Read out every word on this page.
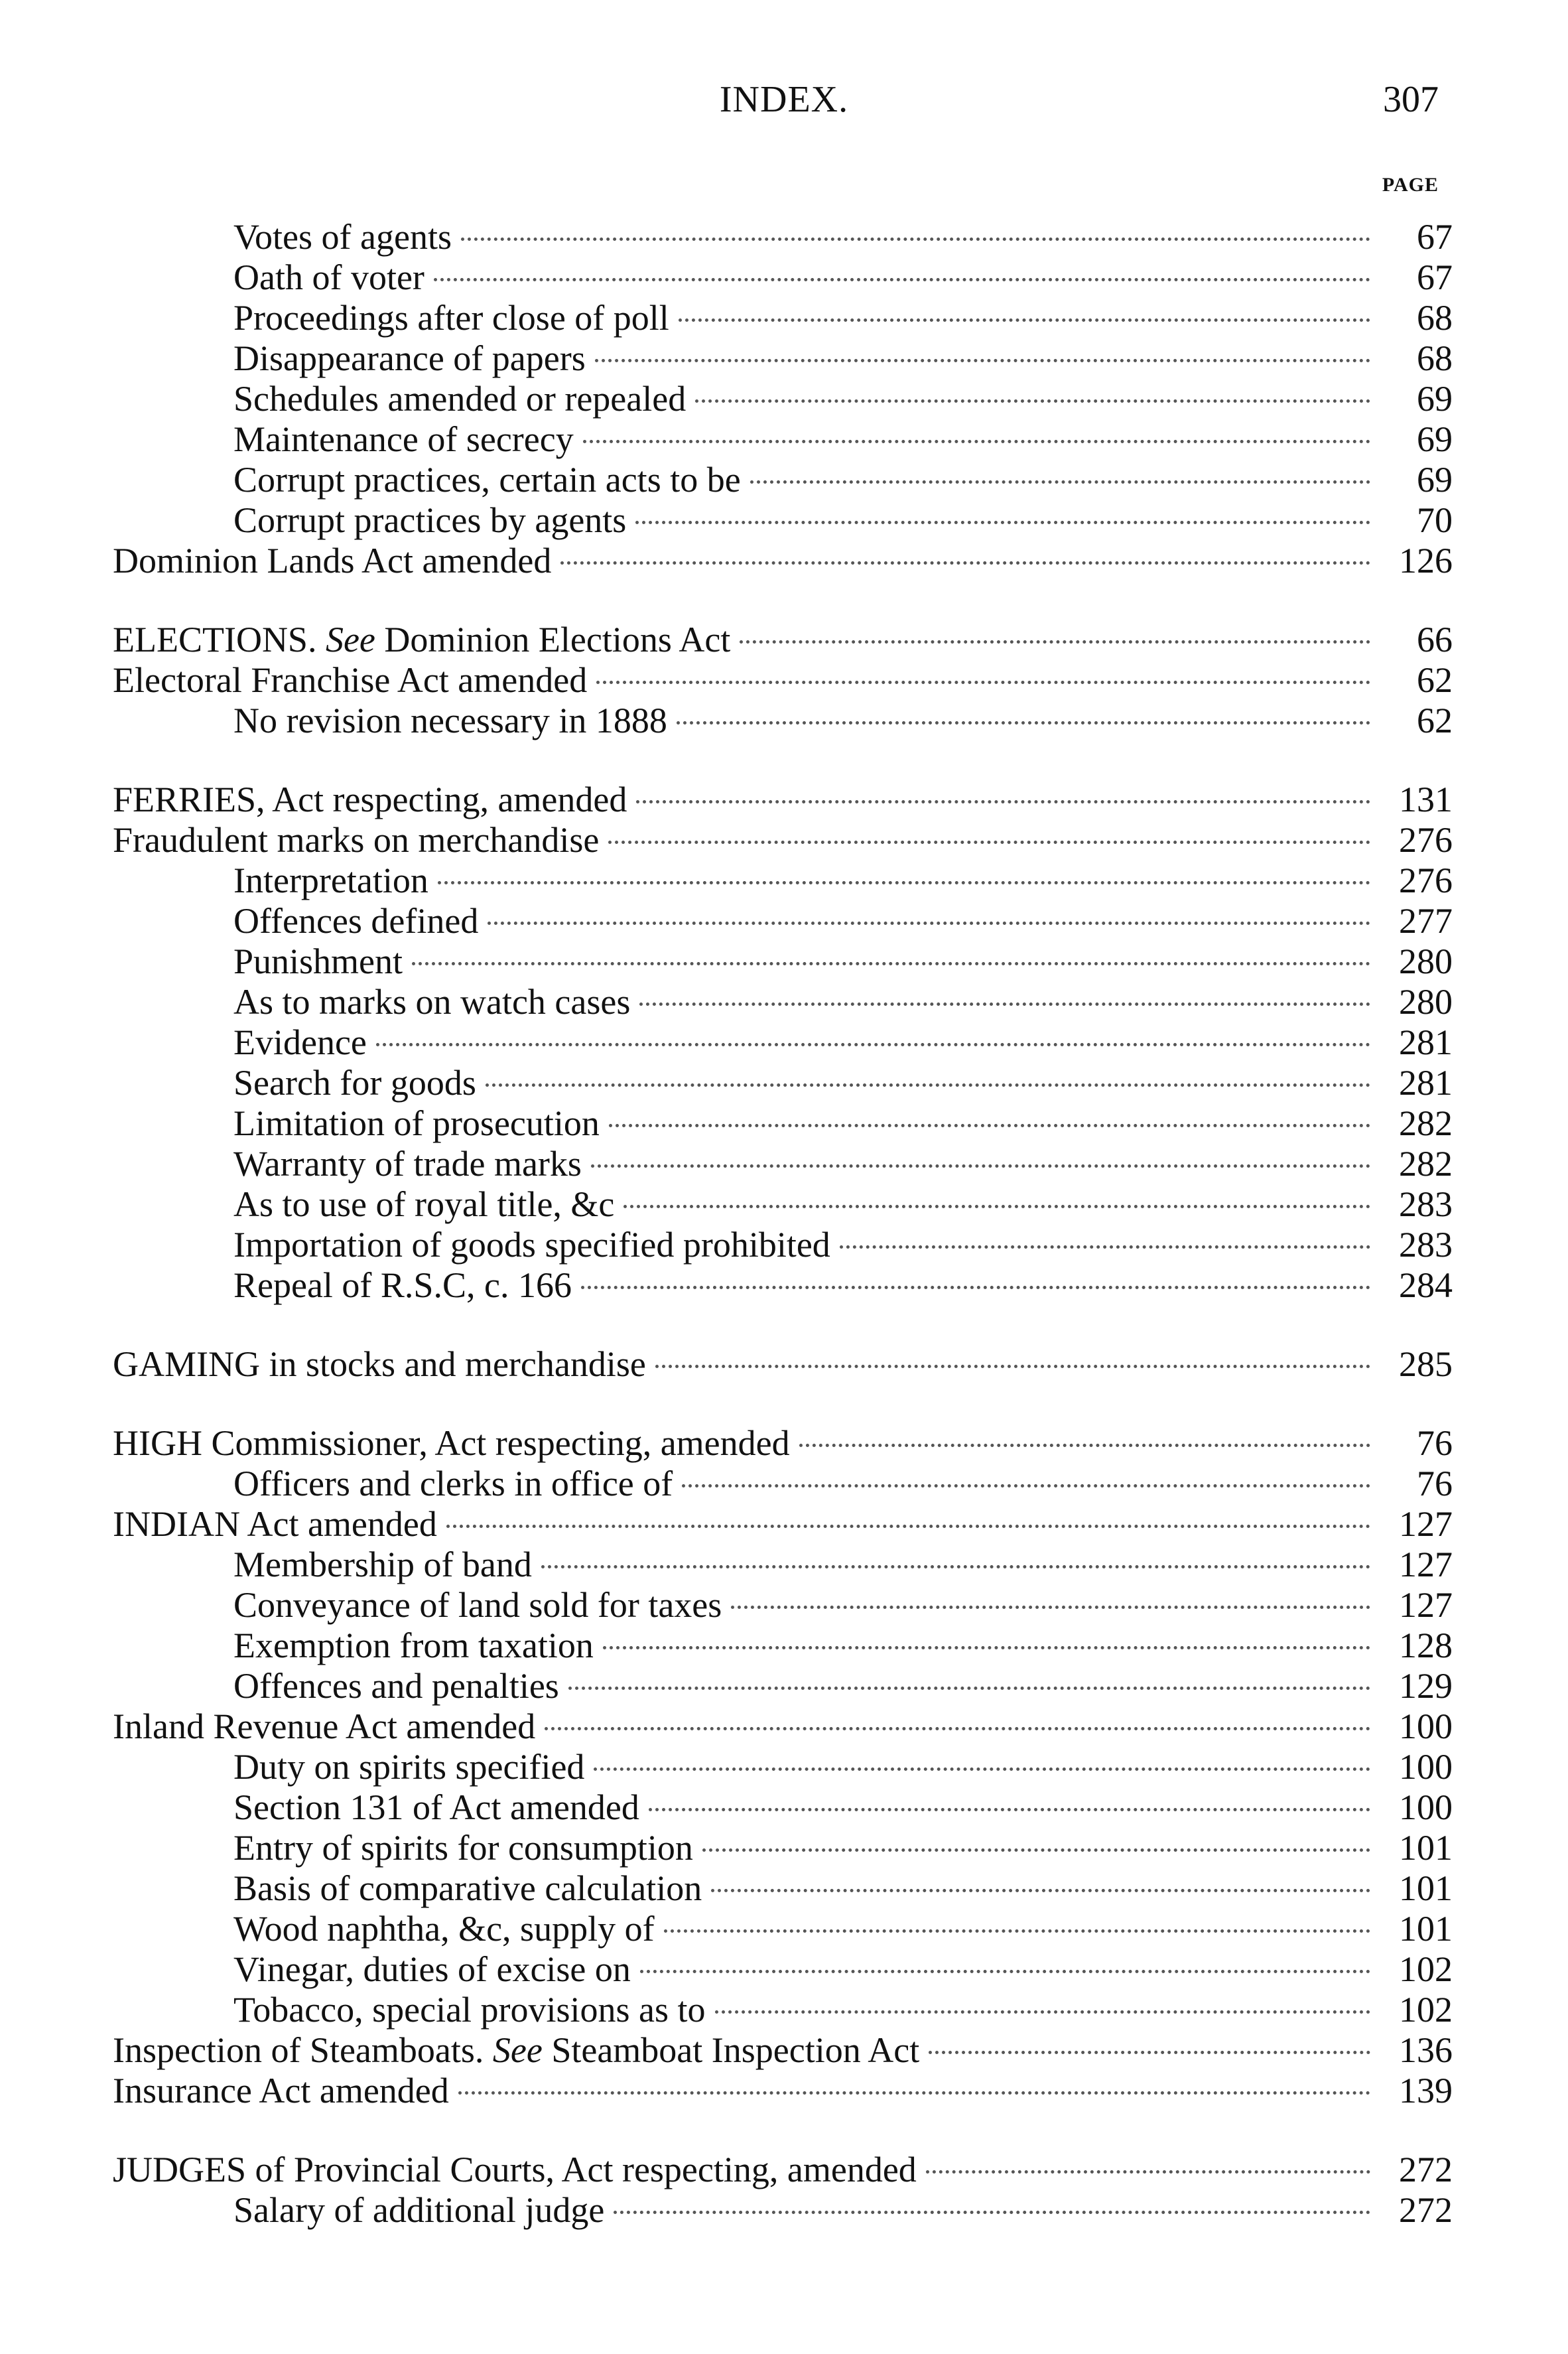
INDEX.	307
PAGE
Votes of agents	67
Oath of voter	67
Proceedings after close of poll	68
Disappearance of papers	68
Schedules amended or repealed	69
Maintenance of secrecy	69
Corrupt practices, certain acts to be	69
Corrupt practices by agents	70
Dominion Lands Act amended	126
ELECTIONS. See Dominion Elections Act	66
Electoral Franchise Act amended	62
No revision necessary in 1888	62
FERRIES, Act respecting, amended	131
Fraudulent marks on merchandise	276
Interpretation	276
Offences defined	277
Punishment	280
As to marks on watch cases	280
Evidence	281
Search for goods	281
Limitation of prosecution	282
Warranty of trade marks	282
As to use of royal title, &c	283
Importation of goods specified prohibited	283
Repeal of R.S.C, c. 166	284
GAMING in stocks and merchandise	285
HIGH Commissioner, Act respecting, amended	76
Officers and clerks in office of	76
INDIAN Act amended	127
Membership of band	127
Conveyance of land sold for taxes	127
Exemption from taxation	128
Offences and penalties	129
Inland Revenue Act amended	100
Duty on spirits specified	100
Section 131 of Act amended	100
Entry of spirits for consumption	101
Basis of comparative calculation	101
Wood naphtha, &c, supply of	101
Vinegar, duties of excise on	102
Tobacco, special provisions as to	102
Inspection of Steamboats. See Steamboat Inspection Act	136
Insurance Act amended	139
JUDGES of Provincial Courts, Act respecting, amended	272
Salary of additional judge	272
